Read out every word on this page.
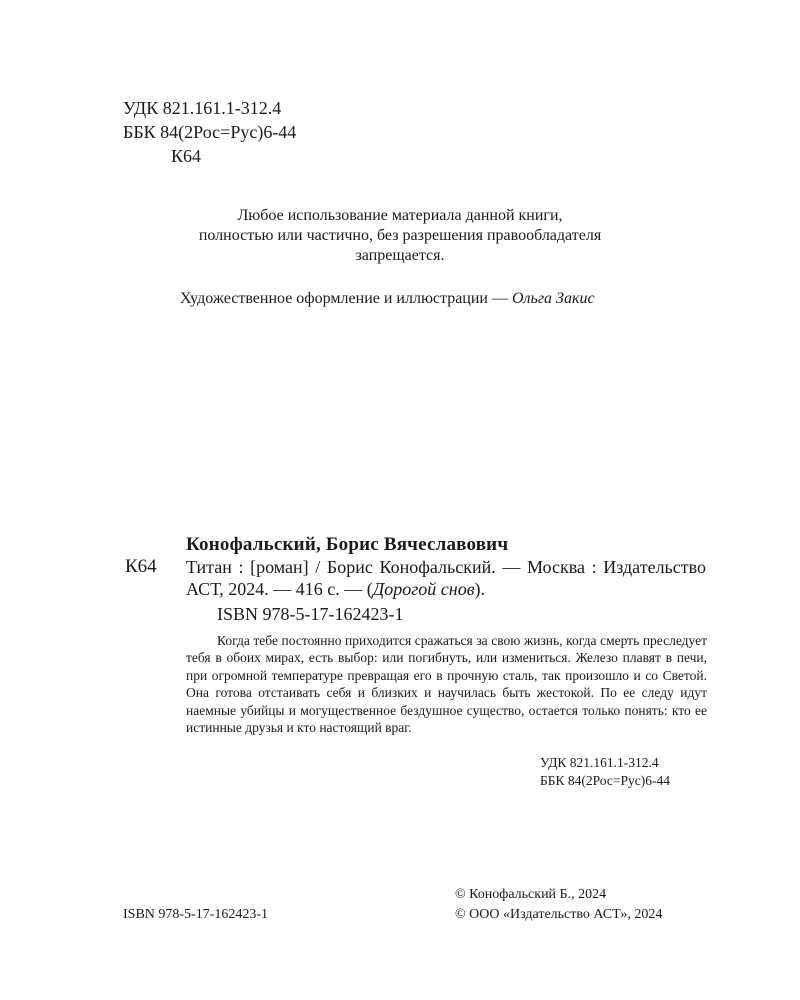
УДК 821.161.1-312.4
ББК 84(2Рос=Рус)6-44
К64
Любое использование материала данной книги,
полностью или частично, без разрешения правообладателя
запрещается.
Художественное оформление и иллюстрации — Ольга Закис
Конофальский, Борис Вячеславович
К64 Титан : [роман] / Борис Конофальский. — Москва : Издательство АСТ, 2024. — 416 с. — (Дорогой снов).
ISBN 978-5-17-162423-1
Когда тебе постоянно приходится сражаться за свою жизнь, когда смерть преследует тебя в обоих мирах, есть выбор: или погибнуть, или измениться. Железо плавят в печи, при огромной температуре превращая его в прочную сталь, так произошло и со Светой. Она готова отстаивать себя и близких и научилась быть жестокой. По ее следу идут наемные убийцы и могущественное бездушное существо, остается только понять: кто ее истинные друзья и кто настоящий враг.
УДК 821.161.1-312.4
ББК 84(2Рос=Рус)6-44
ISBN 978-5-17-162423-1
© Конофальский Б., 2024
© ООО «Издательство АСТ», 2024
